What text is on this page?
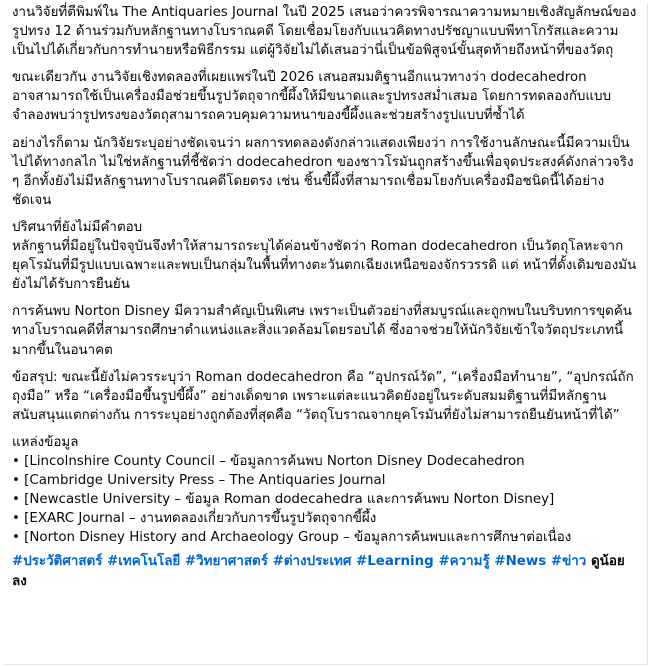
งานวิจัยที่ตีพิมพ์ใน The Antiquaries Journal ในปี 2025 เสนอว่าควรพิจารณาความหมายเชิงสัญลักษณ์ของรูปทรง 12 ด้านร่วมกับหลักฐานทางโบราณคดี โดยเชื่อมโยงกับแนวคิดทางปรัชญาแบบพีทาโกรัสและความเป็นไปได้เกี่ยวกับการทำนายหรือพิธีกรรม แต่ผู้วิจัยไม่ได้เสนอว่านี่เป็นข้อพิสูจน์ขั้นสุดท้ายถึงหน้าที่ของวัตถุ
ขณะเดียวกัน งานวิจัยเชิงทดลองที่เผยแพร่ในปี 2026 เสนอสมมติฐานอีกแนวทางว่า dodecahedron อาจสามารถใช้เป็นเครื่องมือช่วยขึ้นรูปวัตถุจากขี้ผึ้งให้มีขนาดและรูปทรงสม่ำเสมอ โดยการทดลองกับแบบจำลองพบว่ารูปทรงของวัตถุสามารถควบคุมความหนาของขี้ผึ้งและช่วยสร้างรูปแบบที่ซ้ำได้
อย่างไรก็ตาม นักวิจัยระบุอย่างชัดเจนว่า ผลการทดลองดังกล่าวแสดงเพียงว่า การใช้งานลักษณะนี้มีความเป็นไปได้ทางกลไก ไม่ใช่หลักฐานที่ชี้ชัดว่า dodecahedron ของชาวโรมันถูกสร้างขึ้นเพื่อจุดประสงค์ดังกล่าวจริง ๆ อีกทั้งยังไม่มีหลักฐานทางโบราณคดีโดยตรง เช่น ชิ้นขี้ผึ้งที่สามารถเชื่อมโยงกับเครื่องมือชนิดนี้ได้อย่างชัดเจน
ปริศนาที่ยังไม่มีคำตอบ
หลักฐานที่มีอยู่ในปัจจุบันจึงทำให้สามารถระบุได้ค่อนข้างชัดว่า Roman dodecahedron เป็นวัตถุโลหะจากยุคโรมันที่มีรูปแบบเฉพาะและพบเป็นกลุ่มในพื้นที่ทางตะวันตกเฉียงเหนือของจักรวรรดิ แต่ หน้าที่ดั้งเดิมของมันยังไม่ได้รับการยืนยัน
การค้นพบ Norton Disney มีความสำคัญเป็นพิเศษ เพราะเป็นตัวอย่างที่สมบูรณ์และถูกพบในบริบทการขุดค้นทางโบราณคดีที่สามารถศึกษาตำแหน่งและสิ่งแวดล้อมโดยรอบได้ ซึ่งอาจช่วยให้นักวิจัยเข้าใจวัตถุประเภทนี้มากขึ้นในอนาคต
ข้อสรุป: ขณะนี้ยังไม่ควรระบุว่า Roman dodecahedron คือ “อุปกรณ์วัด”, “เครื่องมือทำนาย”, “อุปกรณ์ถักถุงมือ” หรือ “เครื่องมือขึ้นรูปขี้ผึ้ง” อย่างเด็ดขาด เพราะแต่ละแนวคิดยังอยู่ในระดับสมมติฐานที่มีหลักฐานสนับสนุนแตกต่างกัน การระบุอย่างถูกต้องที่สุดคือ “วัตถุโบราณจากยุคโรมันที่ยังไม่สามารถยืนยันหน้าที่ได้”
แหล่งข้อมูล
• [Lincolnshire County Council – ข้อมูลการค้นพบ Norton Disney Dodecahedron
• [Cambridge University Press – The Antiquaries Journal
• [Newcastle University – ข้อมูล Roman dodecahedra และการค้นพบ Norton Disney]
• [EXARC Journal – งานทดลองเกี่ยวกับการขึ้นรูปวัตถุจากขี้ผึ้ง
• [Norton Disney History and Archaeology Group – ข้อมูลการค้นพบและการศึกษาต่อเนื่อง
#ประวัติศาสตร์ #เทคโนโลยี #วิทยาศาสตร์ #ต่างประเทศ #Learning #ความรู้ #News #ข่าว ดูน้อยลง
